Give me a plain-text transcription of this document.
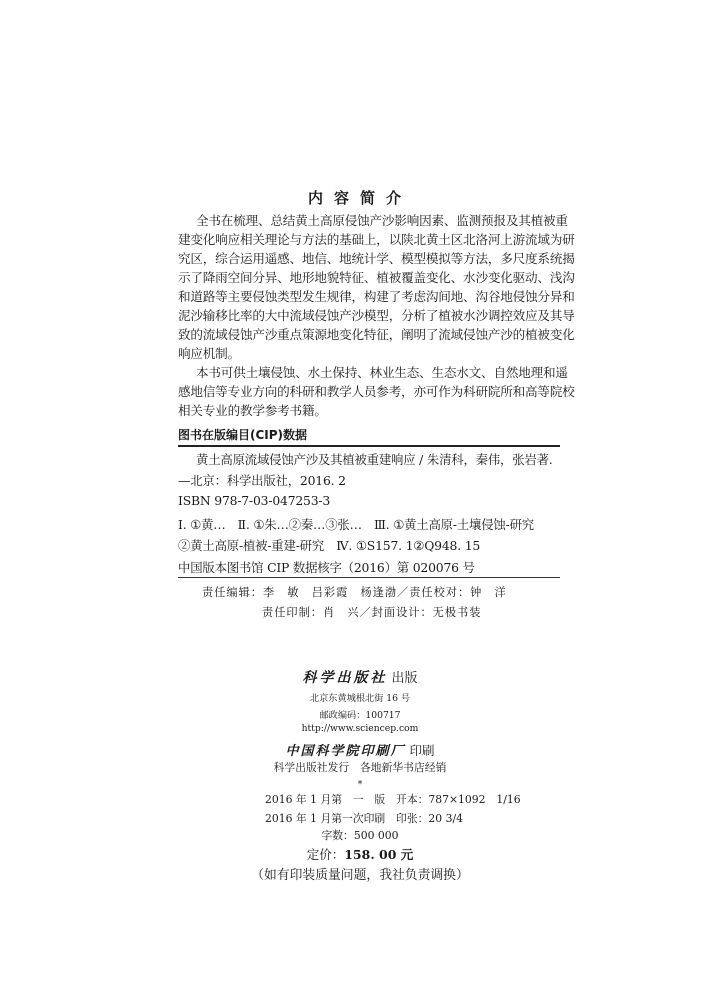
内容简介
全书在梳理、总结黄土高原侵蚀产沙影响因素、监测预报及其植被重
建变化响应相关理论与方法的基础上，以陕北黄土区北洛河上游流域为研
究区，综合运用遥感、地信、地统计学、模型模拟等方法，多尺度系统揭
示了降雨空间分异、地形地貌特征、植被覆盖变化、水沙变化驱动、浅沟
和道路等主要侵蚀类型发生规律，构建了考虑沟间地、沟谷地侵蚀分异和
泥沙输移比率的大中流域侵蚀产沙模型，分析了植被水沙调控效应及其导
致的流域侵蚀产沙重点策源地变化特征，阐明了流域侵蚀产沙的植被变化
响应机制。
本书可供土壤侵蚀、水土保持、林业生态、生态水文、自然地理和遥
感地信等专业方向的科研和教学人员参考，亦可作为科研院所和高等院校
相关专业的教学参考书籍。
图书在版编目(CIP)数据
黄土高原流域侵蚀产沙及其植被重建响应 / 朱清科，秦伟，张岩著.
—北京：科学出版社，2016. 2
ISBN 978-7-03-047253-3
Ⅰ. ①黄…　Ⅱ. ①朱…②秦…③张…　Ⅲ. ①黄土高原-土壤侵蚀-研究
②黄土高原-植被-重建-研究　Ⅳ. ①S157. 1②Q948. 15
中国版本图书馆 CIP 数据核字（2016）第 020076 号
责任编辑：李　敏　吕彩霞　杨逢渤／责任校对：钟　洋
责任印制：肖　兴／封面设计：无极书装
科学出版社 出版
北京东黄城根北街 16 号
邮政编码：100717
http://www.sciencep.com
中国科学院印刷厂 印刷
科学出版社发行　各地新华书店经销
*
2016 年 1 月第　一　版　开本：787×1092　1/16
2016 年 1 月第一次印刷　印张：20 3/4
字数：500 000
定价：158. 00 元
（如有印装质量问题，我社负责调换）
